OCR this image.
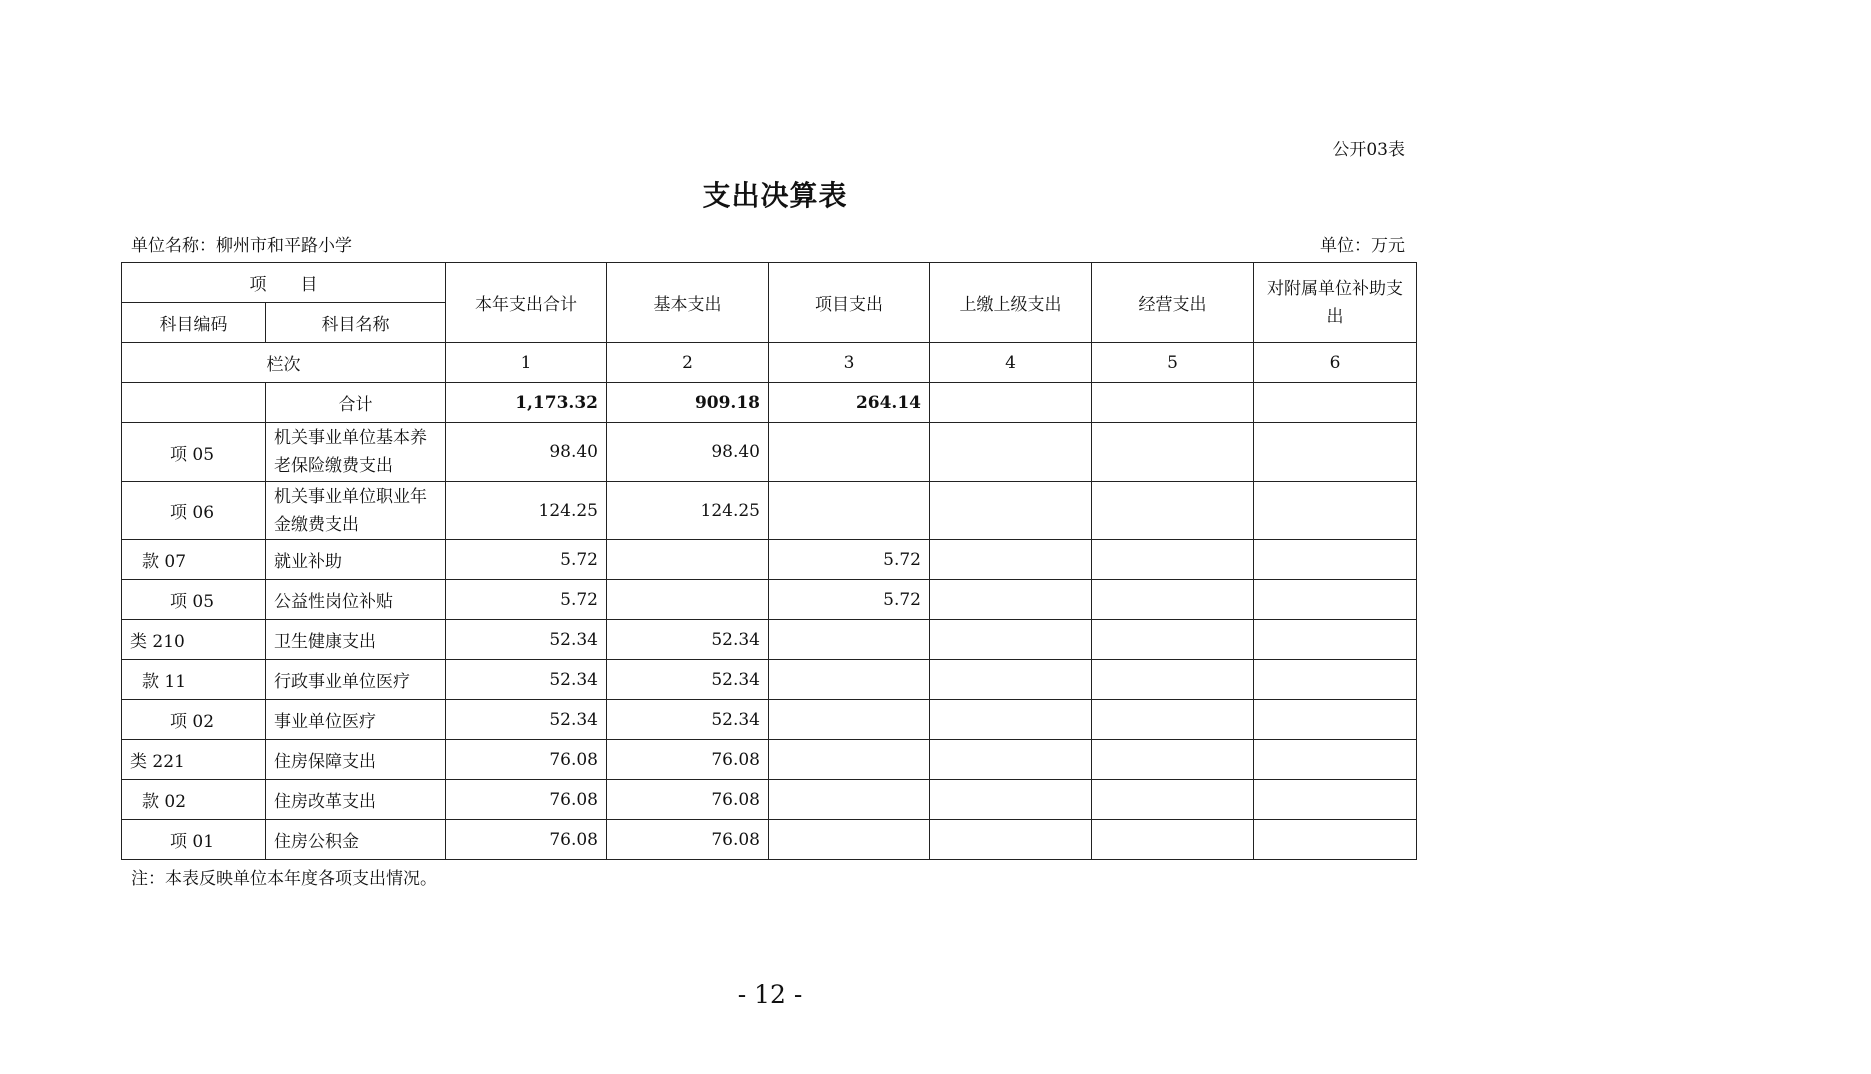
公开03表
支出决算表
单位名称：柳州市和平路小学	单位：万元
项　　目		本年支出合计	基本支出	项目支出	上缴上级支出	经营支出	对附属单位补助支出
科目编码	科目名称						
栏次		1	2	3	4	5	6
	合计	1,173.32	909.18	264.14			
项 05	机关事业单位基本养老保险缴费支出	98.40	98.40				
项 06	机关事业单位职业年金缴费支出	124.25	124.25				
款 07	就业补助	5.72		5.72			
项 05	公益性岗位补贴	5.72		5.72			
类 210	卫生健康支出	52.34	52.34				
款 11	行政事业单位医疗	52.34	52.34				
项 02	事业单位医疗	52.34	52.34				
类 221	住房保障支出	76.08	76.08				
款 02	住房改革支出	76.08	76.08				
项 01	住房公积金	76.08	76.08				
注：本表反映单位本年度各项支出情况。
- 12 -
